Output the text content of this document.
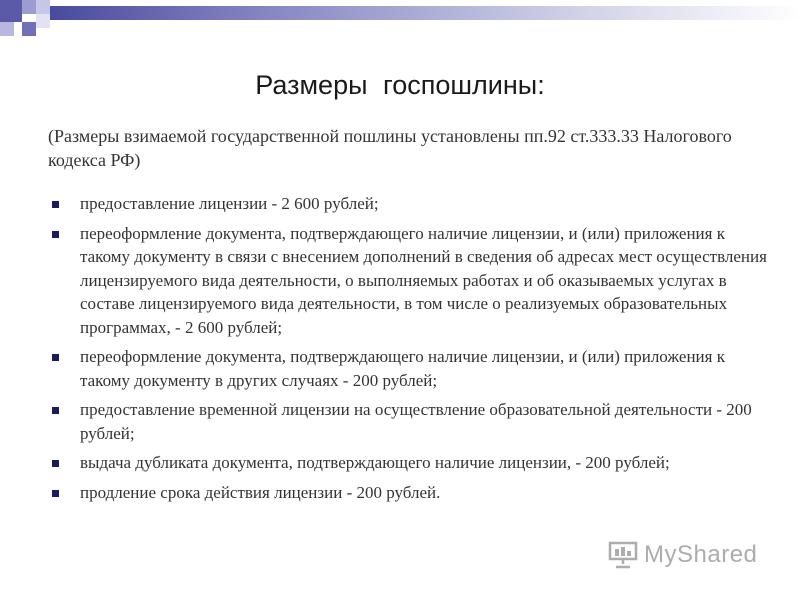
Размеры госпошлины:
(Размеры взимаемой государственной пошлины установлены пп.92 ст.333.33 Налогового кодекса РФ)
предоставление лицензии - 2 600 рублей;
переоформление документа, подтверждающего наличие лицензии, и (или) приложения к такому документу в связи с внесением дополнений в сведения об адресах мест осуществления лицензируемого вида деятельности, о выполняемых работах и об оказываемых услугах в составе лицензируемого вида деятельности, в том числе о реализуемых образовательных программах, - 2 600 рублей;
переоформление документа, подтверждающего наличие лицензии, и (или) приложения к такому документу в других случаях - 200 рублей;
предоставление временной лицензии на осуществление образовательной деятельности - 200 рублей;
выдача дубликата документа, подтверждающего наличие лицензии, - 200 рублей;
продление срока действия лицензии - 200 рублей.
MyShared
